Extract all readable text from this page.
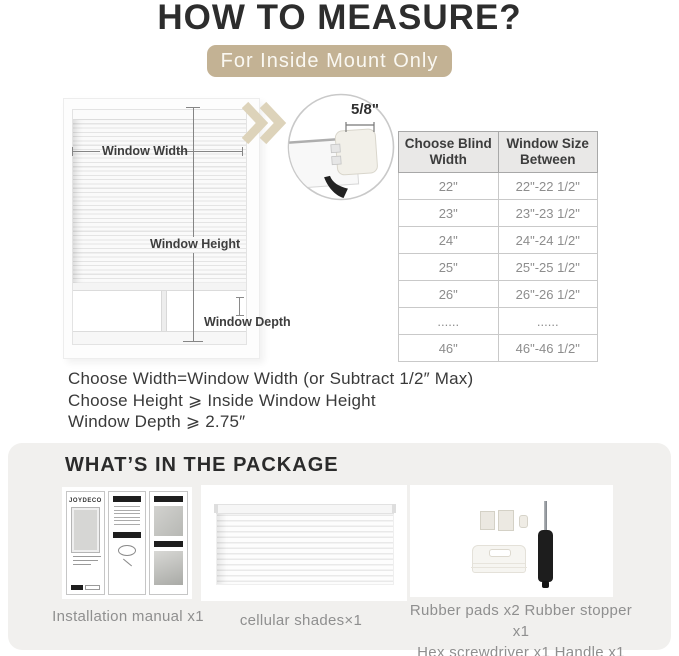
HOW TO MEASURE?
For Inside Mount Only
Window Width
Window Height
Window Depth
5/8"
Choose Blind Width	Window Size Between
22"	22"-22 1/2"
23"	23"-23 1/2"
24"	24"-24 1/2"
25"	25"-25 1/2"
26"	26"-26 1/2"
......	......
46"	46"-46 1/2"
Choose Width=Window Width (or Subtract 1/2″ Max)
Choose Height ⩾ Inside Window Height
Window Depth ⩾ 2.75″
WHAT’S IN THE PACKAGE
JOYDECO
Installation manual x1	cellular shades×1
Rubber pads x2 Rubber stopper x1
Hex screwdriver x1 Handle x1
